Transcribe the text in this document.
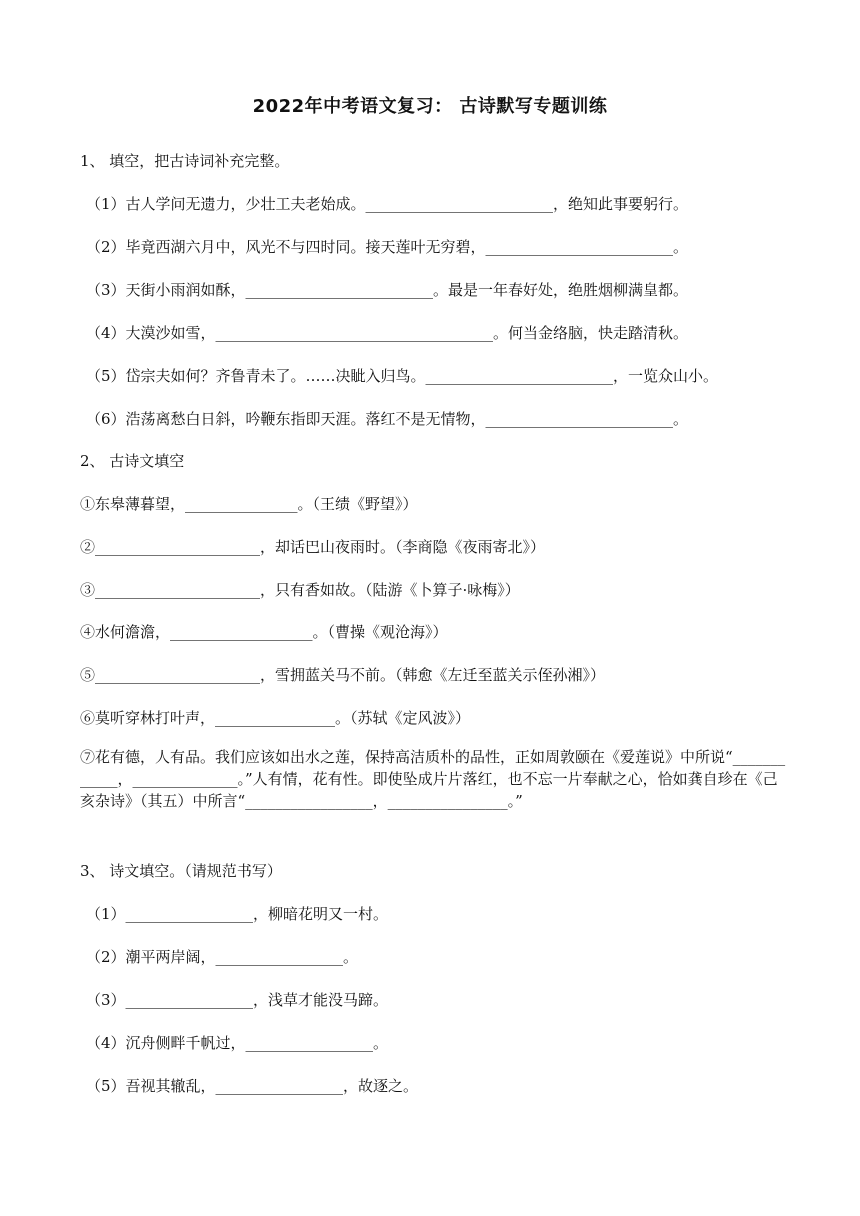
2022年中考语文复习： 古诗默写专题训练
1、 填空，把古诗词补充完整。
（1）古人学问无遗力，少壮工夫老始成。_________________________，绝知此事要躬行。
（2）毕竟西湖六月中，风光不与四时同。接天莲叶无穷碧，_________________________。
（3）天街小雨润如酥，_________________________。最是一年春好处，绝胜烟柳满皇都。
（4）大漠沙如雪，_____________________________________。何当金络脑，快走踏清秋。
（5）岱宗夫如何？齐鲁青未了。……决眦入归鸟。_________________________，一览众山小。
（6）浩荡离愁白日斜，吟鞭东指即天涯。落红不是无情物，_________________________。
2、 古诗文填空
①东皋薄暮望，_______________。（王绩《野望》）
②______________________，却话巴山夜雨时。（李商隐《夜雨寄北》）
③______________________，只有香如故。（陆游《卜算子·咏梅》）
④水何澹澹，___________________。（曹操《观沧海》）
⑤______________________，雪拥蓝关马不前。（韩愈《左迁至蓝关示侄孙湘》）
⑥莫听穿林打叶声，________________。（苏轼《定风波》）
⑦花有德，人有品。我们应该如出水之莲，保持高洁质朴的品性，正如周敦颐在《爱莲说》中所说“____________，______________。”人有情，花有性。即使坠成片片落红，也不忘一片奉献之心，恰如龚自珍在《己亥杂诗》（其五）中所言“_________________，________________。”
3、 诗文填空。（请规范书写）
（1）_________________，柳暗花明又一村。
（2）潮平两岸阔，_________________。
（3）_________________，浅草才能没马蹄。
（4）沉舟侧畔千帆过，_________________。
（5）吾视其辙乱，_________________，故逐之。
